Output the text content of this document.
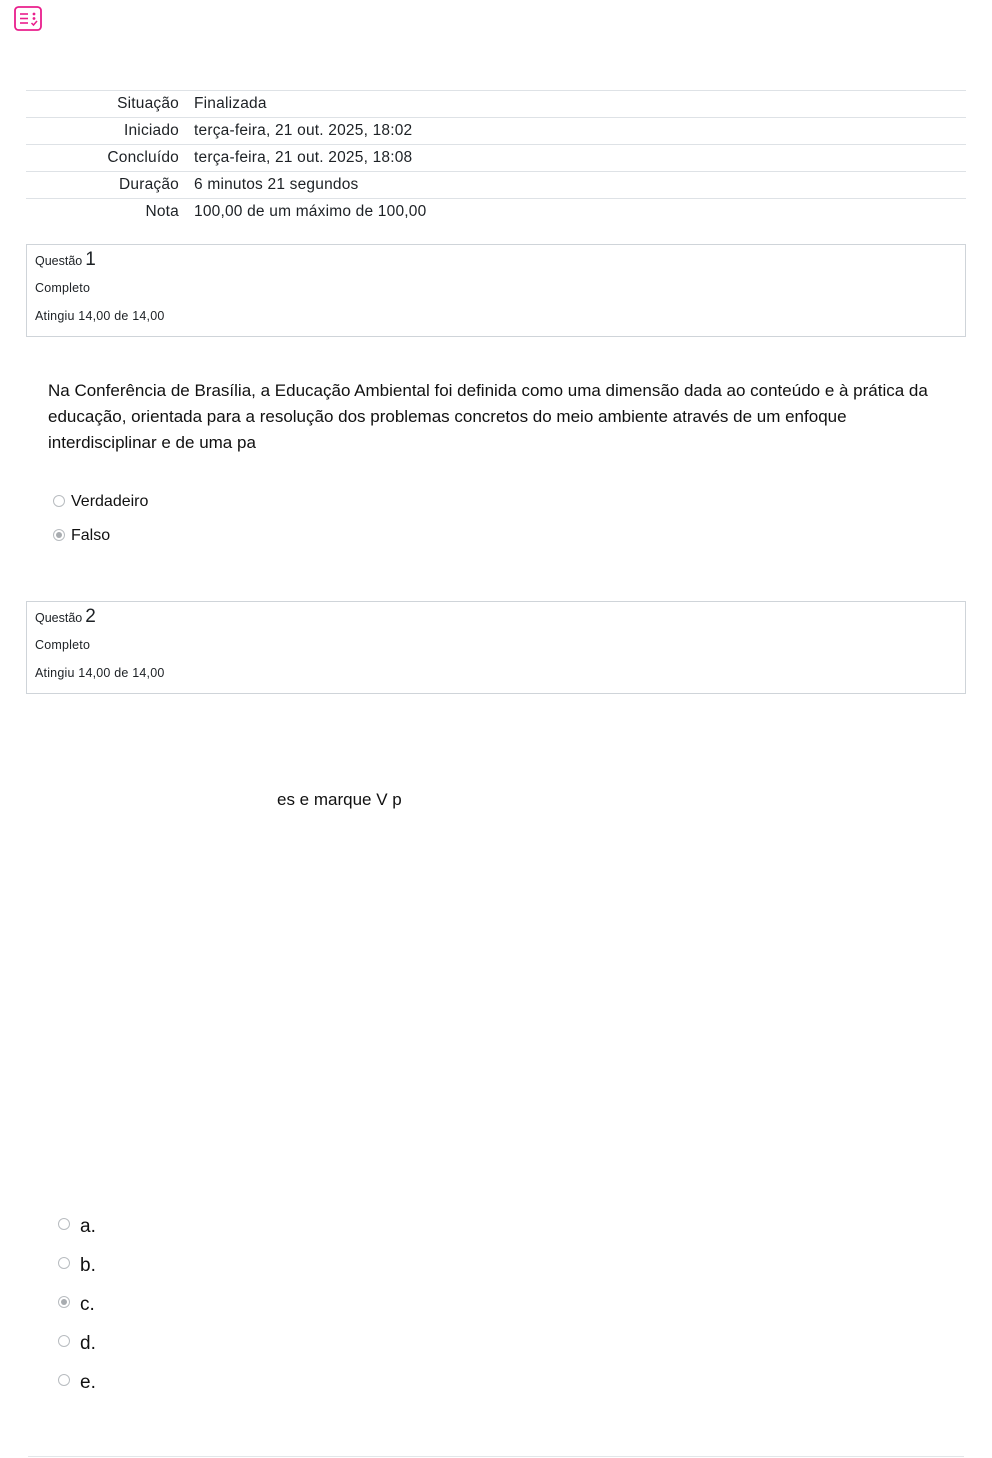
Situação	Finalizada
Iniciado	terça-feira, 21 out. 2025, 18:02
Concluído	terça-feira, 21 out. 2025, 18:08
Duração	6 minutos 21 segundos
Nota	100,00 de um máximo de 100,00
Questão 1
Completo
Atingiu 14,00 de 14,00
Na Conferência de Brasília, a Educação Ambiental foi definida como uma dimensão dada ao conteúdo e à prática da educação, orientada para a resolução dos problemas concretos do meio ambiente através de um enfoque interdisciplinar e de uma pa
Verdadeiro
Falso
Questão 2
Completo
Atingiu 14,00 de 14,00
es e marque V p
a.
b.
c.
d.
e.
